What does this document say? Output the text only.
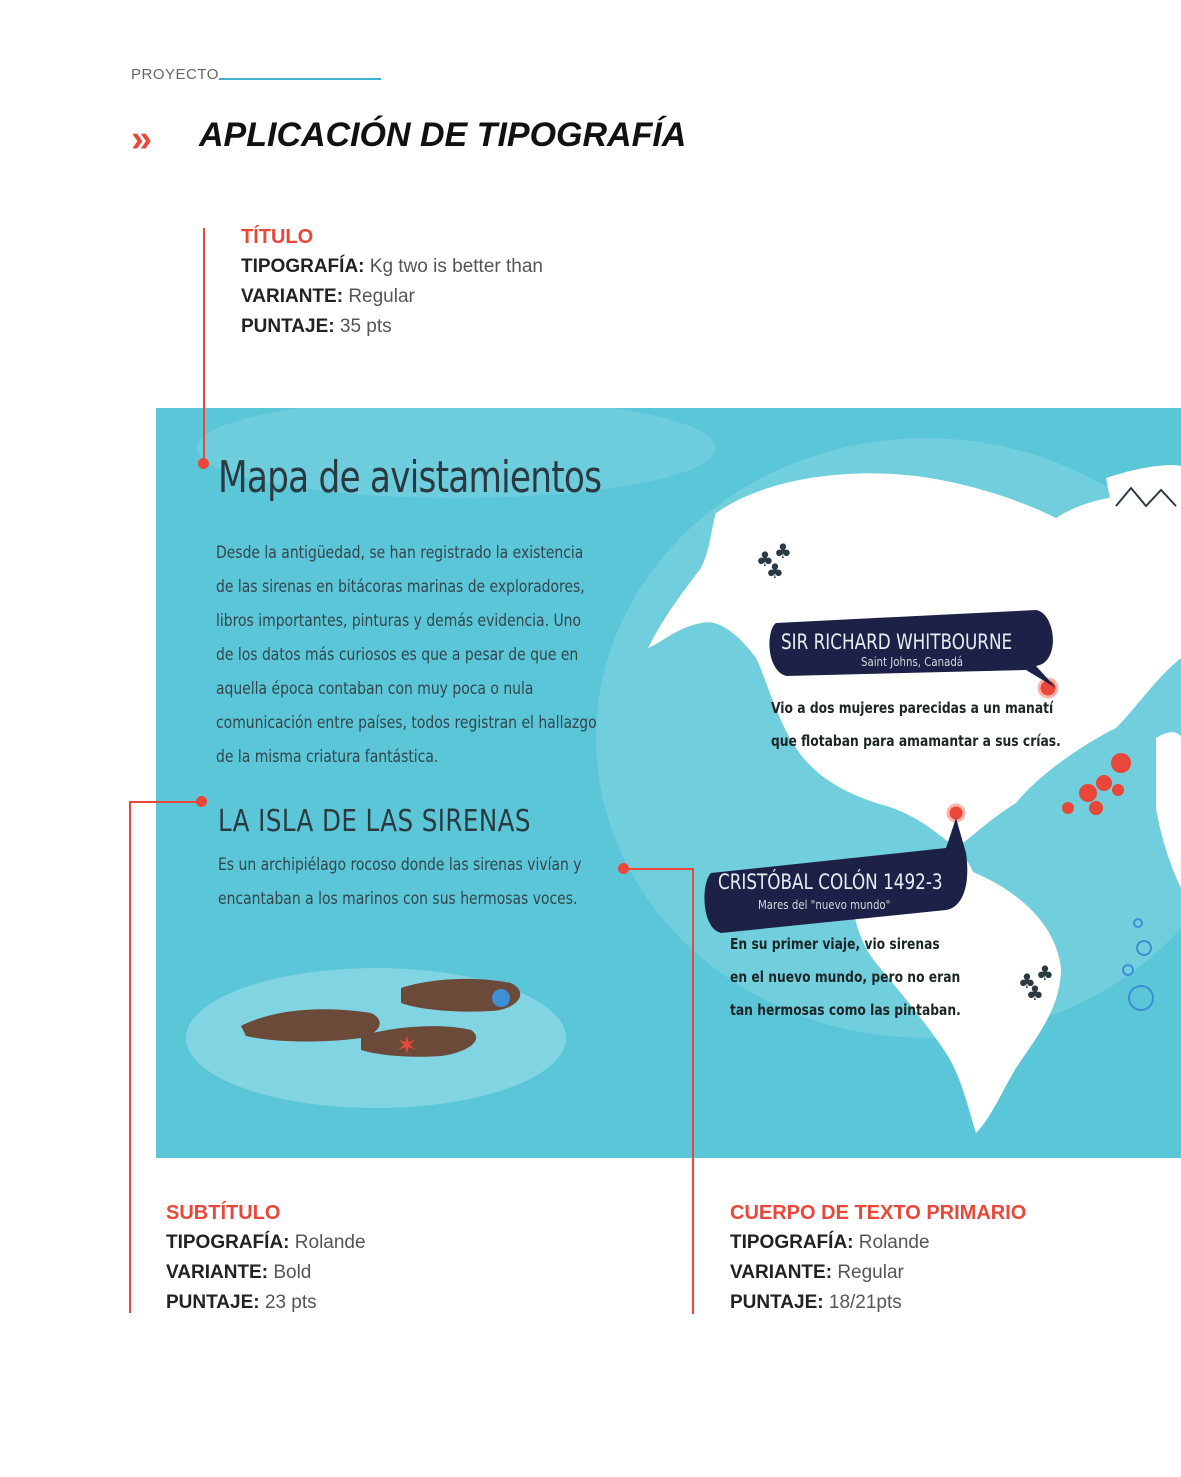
PROYECTO
» APLICACIÓN DE TIPOGRAFÍA
TÍTULO
TIPOGRAFÍA: Kg two is better than
VARIANTE: Regular
PUNTAJE: 35 pts
✶
♣ ♣
♣
♣ ♣
♣
Mapa de avistamientos
Desde la antigüedad, se han registrado la existencia de las sirenas en bitácoras marinas de exploradores, libros importantes, pinturas y demás evidencia. Uno de los datos más curiosos es que a pesar de que en aquella época contaban con muy poca o nula comunicación entre países, todos registran el hallazgo de la misma criatura fantástica.
LA ISLA DE LAS SIRENAS
Es un archipiélago rocoso donde las sirenas vivían y encantaban a los marinos con sus hermosas voces.
SIR RICHARD WHITBOURNE
Saint Johns, Canadá
Vio a dos mujeres parecidas a un manatí
que flotaban para amamantar a sus crías.
CRISTÓBAL COLÓN 1492-3
Mares del "nuevo mundo"
En su primer viaje, vio sirenas
en el nuevo mundo, pero no eran
tan hermosas como las pintaban.
SUBTÍTULO
TIPOGRAFÍA: Rolande
VARIANTE: Bold
PUNTAJE: 23 pts
CUERPO DE TEXTO PRIMARIO
TIPOGRAFÍA: Rolande
VARIANTE: Regular
PUNTAJE: 18/21pts
